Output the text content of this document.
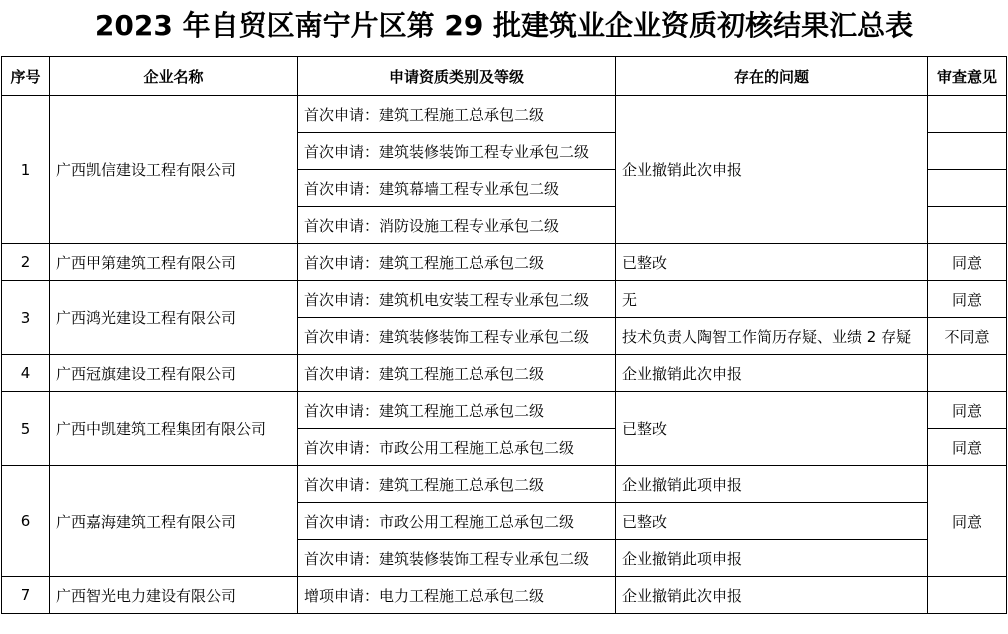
2023 年自贸区南宁片区第 29 批建筑业企业资质初核结果汇总表
序号	企业名称	申请资质类别及等级	存在的问题	审查意见
1	广西凯信建设工程有限公司	首次申请：建筑工程施工总承包二级	企业撤销此次申报	
		首次申请：建筑装修装饰工程专业承包二级		
		首次申请：建筑幕墙工程专业承包二级		
		首次申请：消防设施工程专业承包二级		
2	广西甲第建筑工程有限公司	首次申请：建筑工程施工总承包二级	已整改	同意
3	广西鸿光建设工程有限公司	首次申请：建筑机电安装工程专业承包二级	无	同意
		首次申请：建筑装修装饰工程专业承包二级	技术负责人陶智工作简历存疑、业绩 2 存疑	不同意
4	广西冠旗建设工程有限公司	首次申请：建筑工程施工总承包二级	企业撤销此次申报	
5	广西中凯建筑工程集团有限公司	首次申请：建筑工程施工总承包二级	已整改	同意
		首次申请：市政公用工程施工总承包二级		同意
6	广西嘉海建筑工程有限公司	首次申请：建筑工程施工总承包二级	企业撤销此项申报	同意
		首次申请：市政公用工程施工总承包二级	已整改	
		首次申请：建筑装修装饰工程专业承包二级	企业撤销此项申报	
7	广西智光电力建设有限公司	增项申请：电力工程施工总承包二级	企业撤销此次申报	
